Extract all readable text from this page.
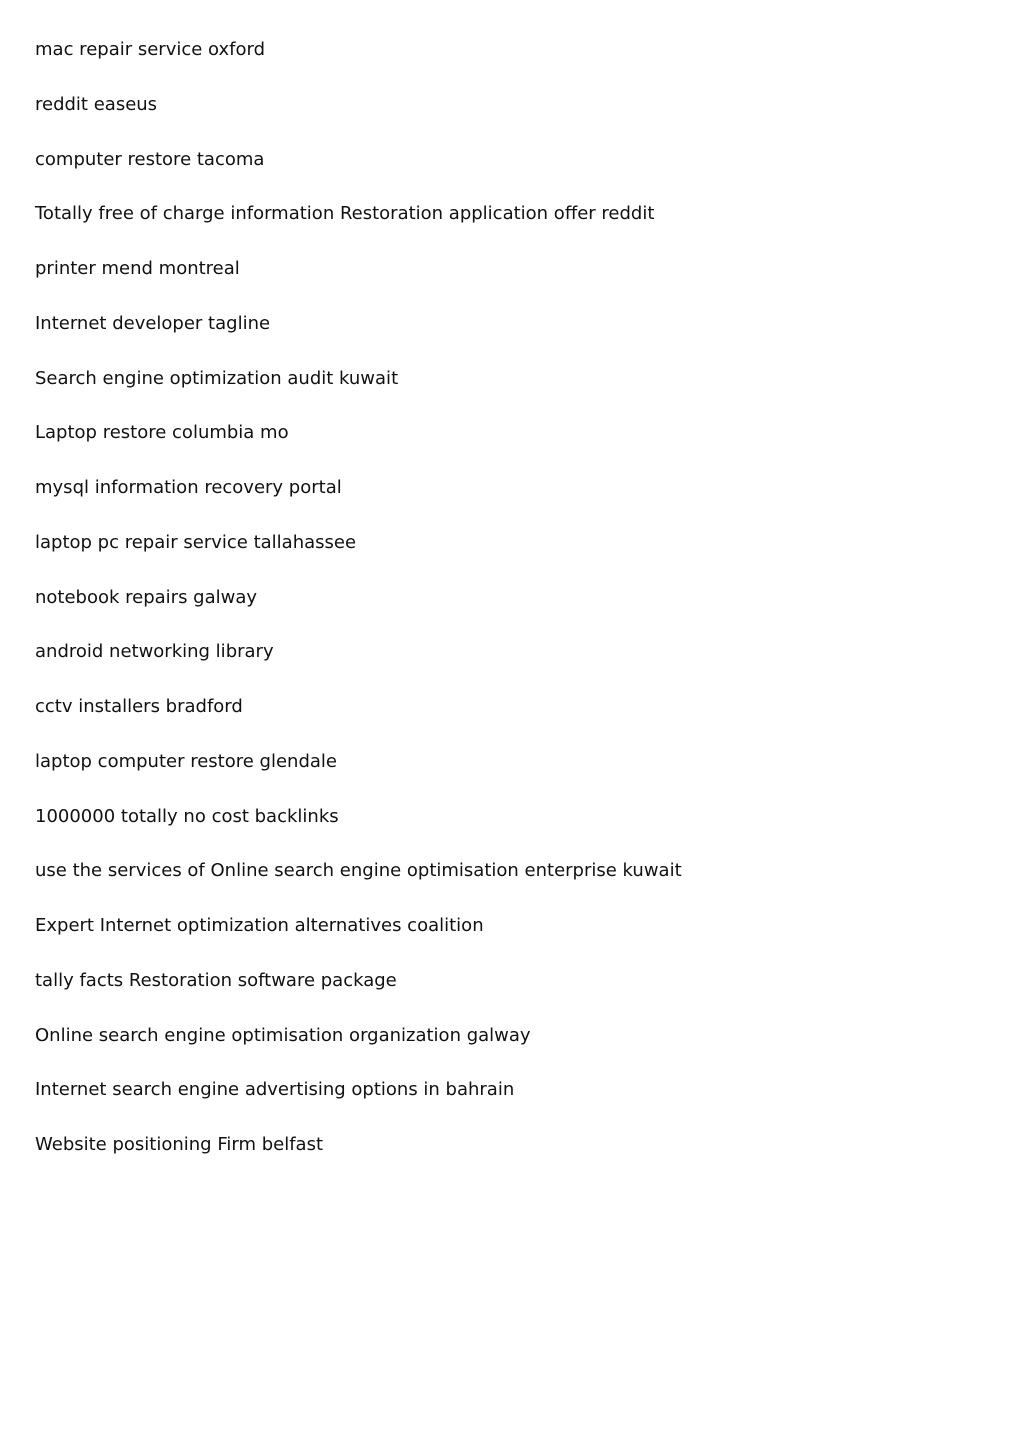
mac repair service oxford
reddit easeus
computer restore tacoma
Totally free of charge information Restoration application offer reddit
printer mend montreal
Internet developer tagline
Search engine optimization audit kuwait
Laptop restore columbia mo
mysql information recovery portal
laptop pc repair service tallahassee
notebook repairs galway
android networking library
cctv installers bradford
laptop computer restore glendale
1000000 totally no cost backlinks
use the services of Online search engine optimisation enterprise kuwait
Expert Internet optimization alternatives coalition
tally facts Restoration software package
Online search engine optimisation organization galway
Internet search engine advertising options in bahrain
Website positioning Firm belfast
